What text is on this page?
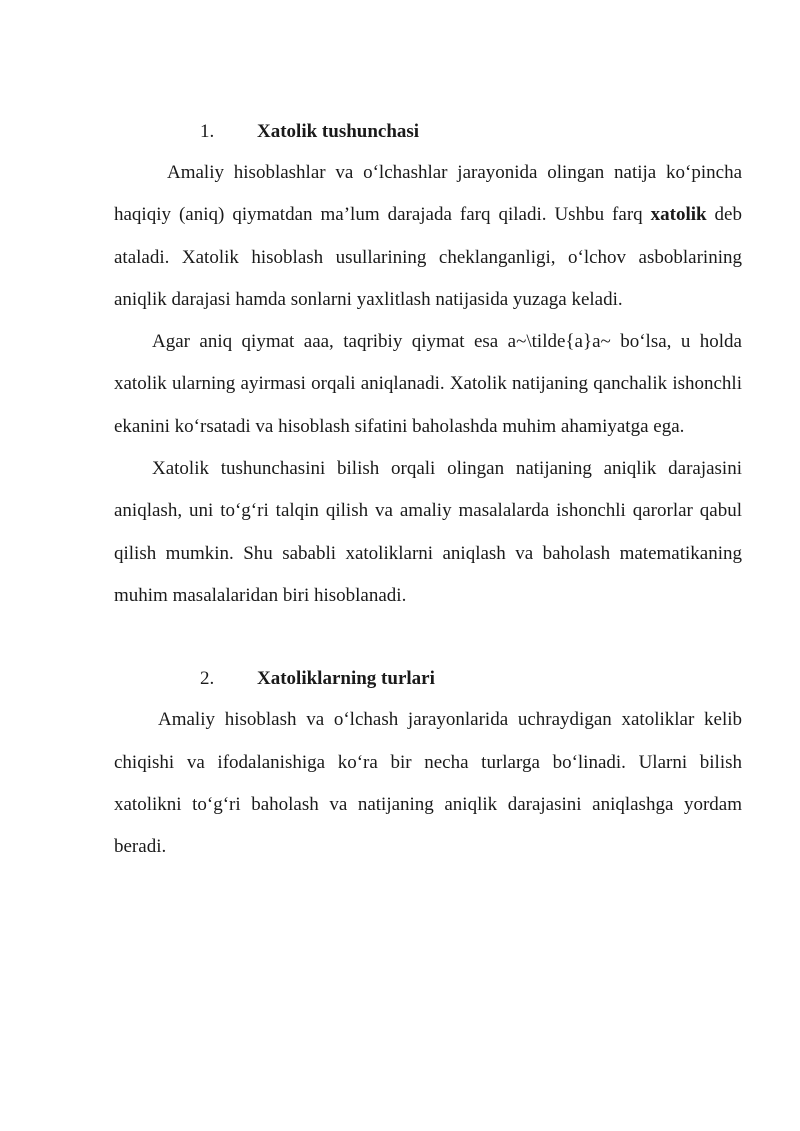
1. Xatolik tushunchasi

Amaliy hisoblashlar va o‘lchashlar jarayonida olingan natija ko‘pincha haqiqiy (aniq) qiymatdan ma’lum darajada farq qiladi. Ushbu farq xatolik deb ataladi. Xatolik hisoblash usullarining cheklanganligi, o‘lchov asboblarining aniqlik darajasi hamda sonlarni yaxlitlash natijasida yuzaga keladi.

Agar aniq qiymat aaa, taqribiy qiymat esa a~\tilde{a}a~ bo‘lsa, u holda xatolik ularning ayirmasi orqali aniqlanadi. Xatolik natijaning qanchalik ishonchli ekanini ko‘rsatadi va hisoblash sifatini baholashda muhim ahamiyatga ega.

Xatolik tushunchasini bilish orqali olingan natijaning aniqlik darajasini aniqlash, uni to‘g‘ri talqin qilish va amaliy masalalarda ishonchli qarorlar qabul qilish mumkin. Shu sababli xatoliklarni aniqlash va baholash matematikaning muhim masalalaridan biri hisoblanadi.

2. Xatoliklarning turlari

Amaliy hisoblash va o‘lchash jarayonlarida uchraydigan xatoliklar kelib chiqishi va ifodalanishiga ko‘ra bir necha turlarga bo‘linadi. Ularni bilish xatolikni to‘g‘ri baholash va natijaning aniqlik darajasini aniqlashga yordam beradi.
